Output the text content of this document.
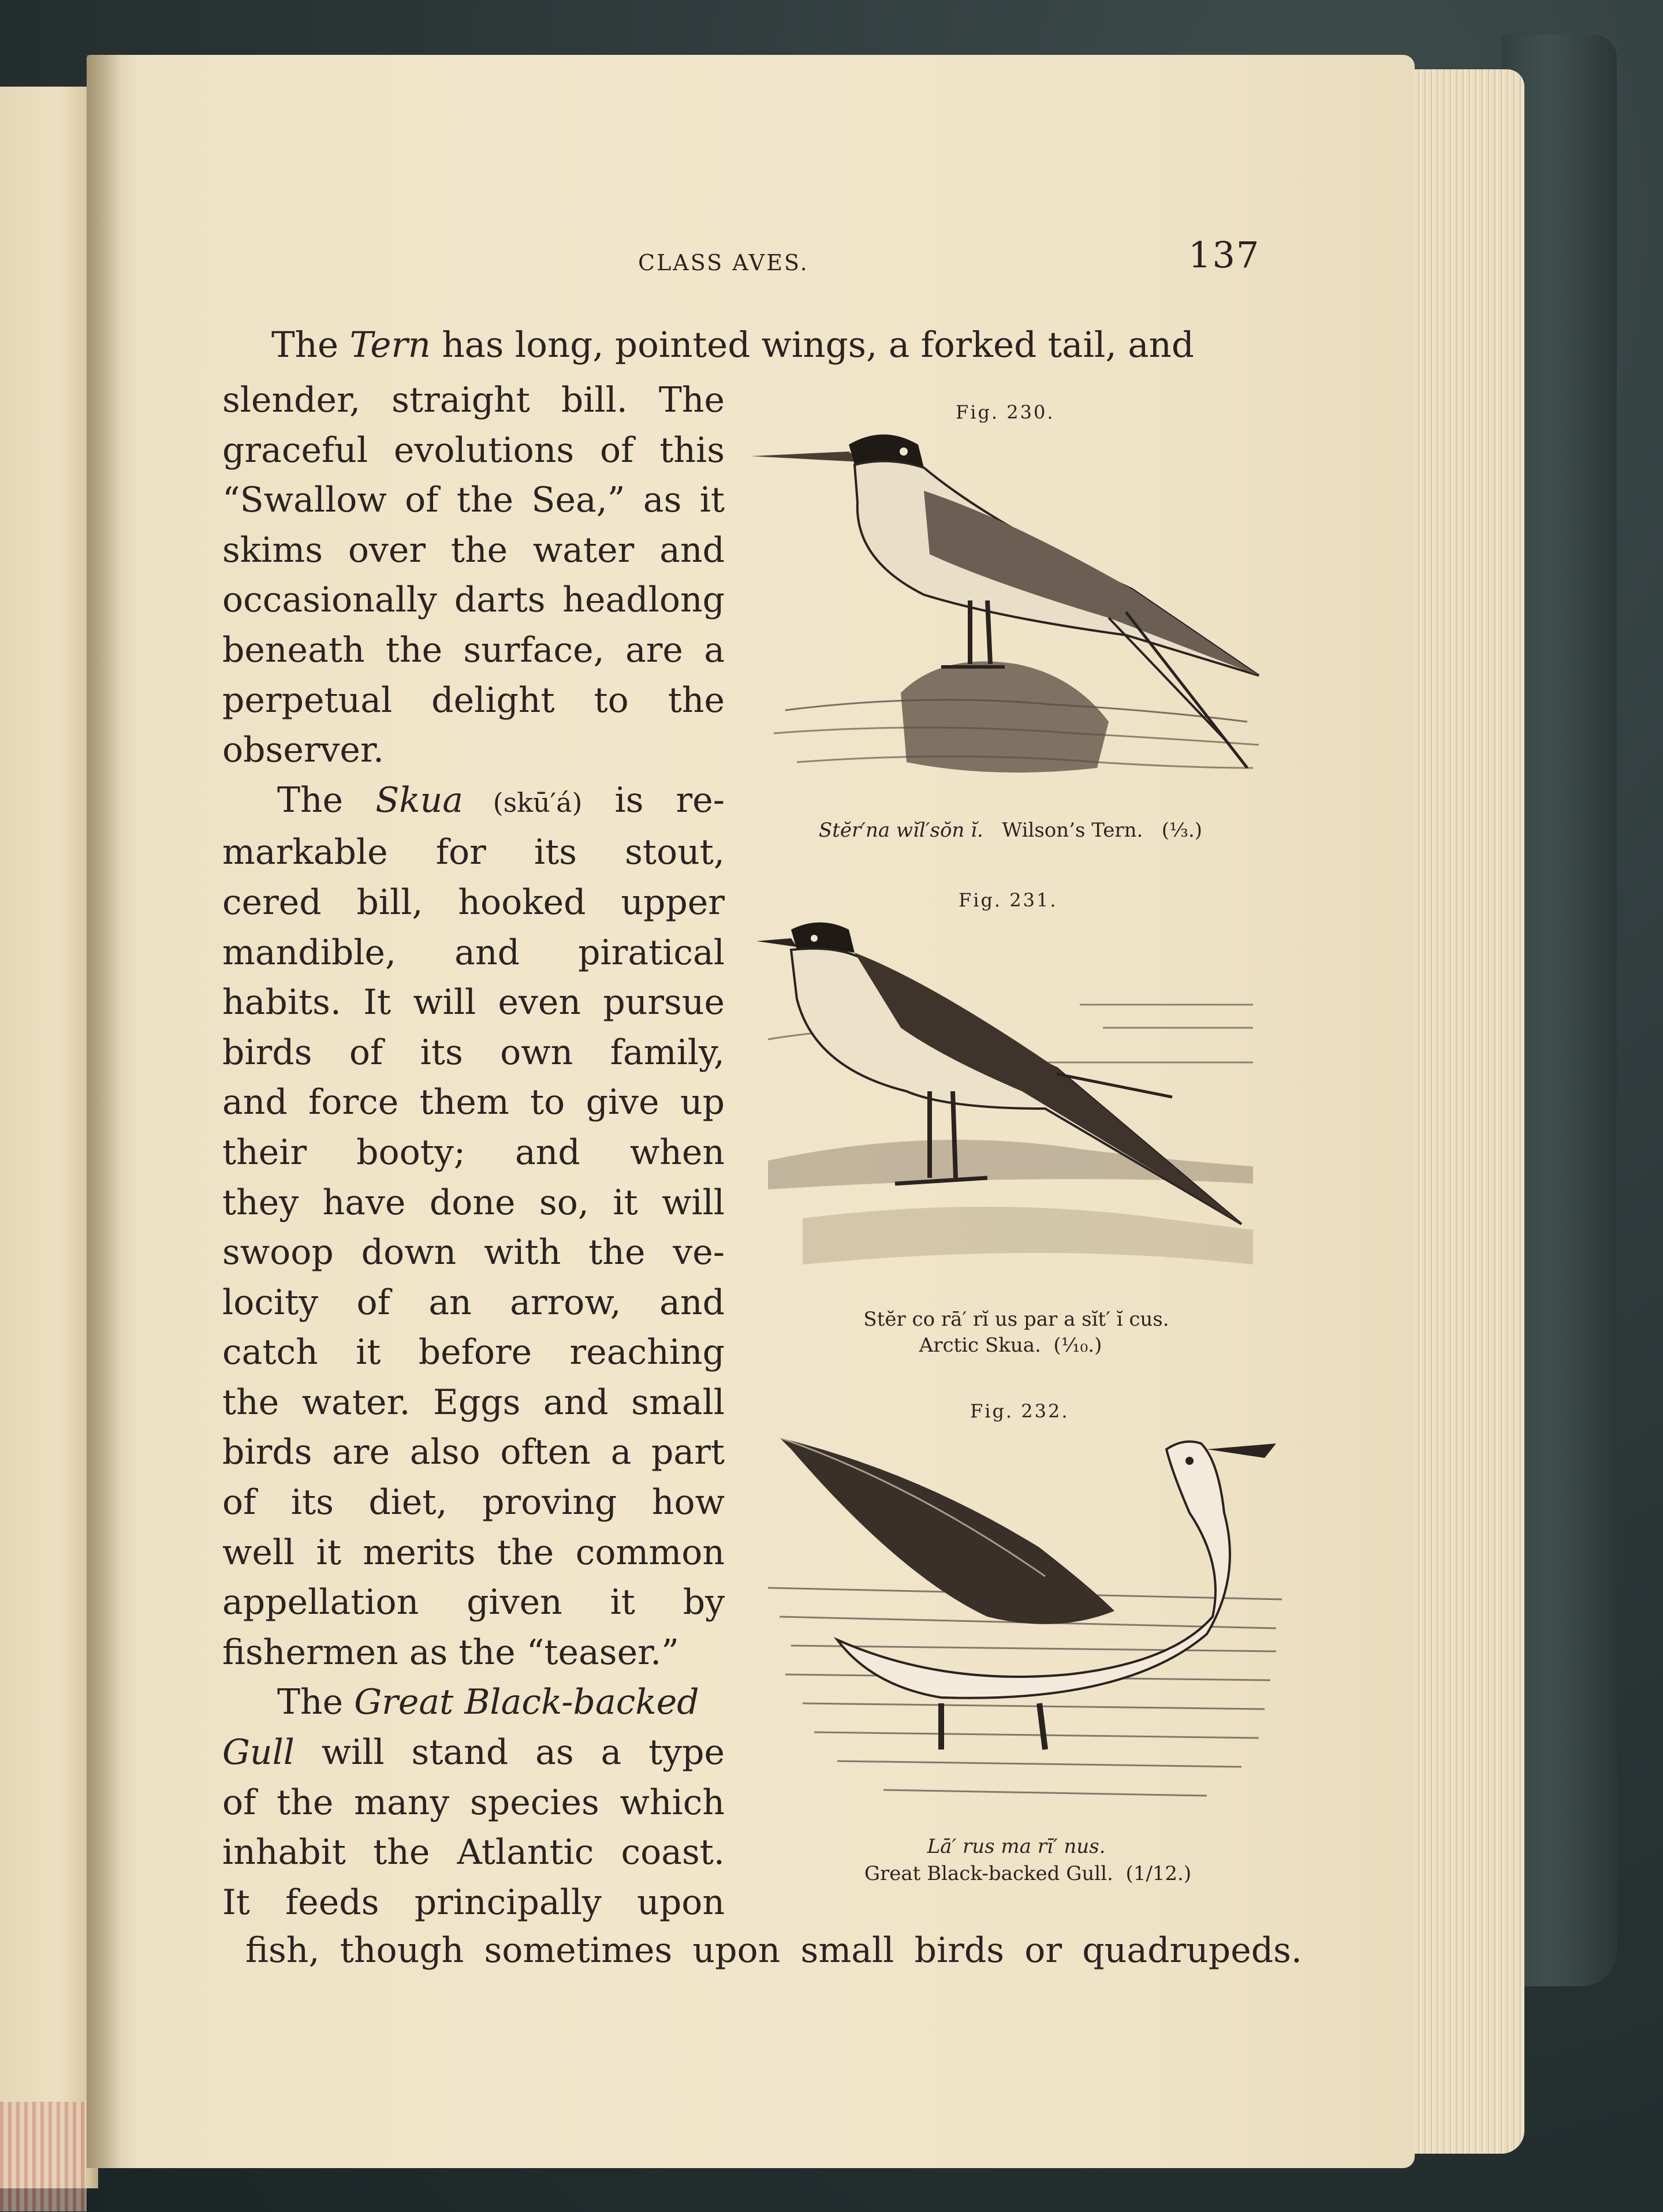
CLASS AVES.	137

The Tern has long, pointed wings, a forked tail, and

slender, straight bill. The
graceful evolutions of this
“Swallow of the Sea,” as it
skims over the water and
occasionally darts headlong
beneath the surface, are a
perpetual delight to the
observer.
The Skua (skū′á) is re-
markable for its stout,
cered bill, hooked upper
mandible, and piratical
habits. It will even pursue
birds of its own family,
and force them to give up
their booty; and when
they have done so, it will
swoop down with the ve-
locity of an arrow, and
catch it before reaching
the water. Eggs and small
birds are also often a part
of its diet, proving how
well it merits the common
appellation given it by
fishermen as the “teaser.”
The Great Black-backed
Gull will stand as a type
of the many species which
inhabit the Atlantic coast.
It feeds principally upon

fish, though sometimes upon small birds or quadrupeds.

Fig. 230.

Stĕr′na wĭl′sŏn ĭ. Wilson’s Tern. (⅓.)

Fig. 231.

Stĕr co rā′ rĭ us par a sĭt′ ĭ cus.

Arctic Skua. (⅒.)

Fig. 232.

Lā′ rus ma rī′ nus.

Great Black-backed Gull. (1/12.)
